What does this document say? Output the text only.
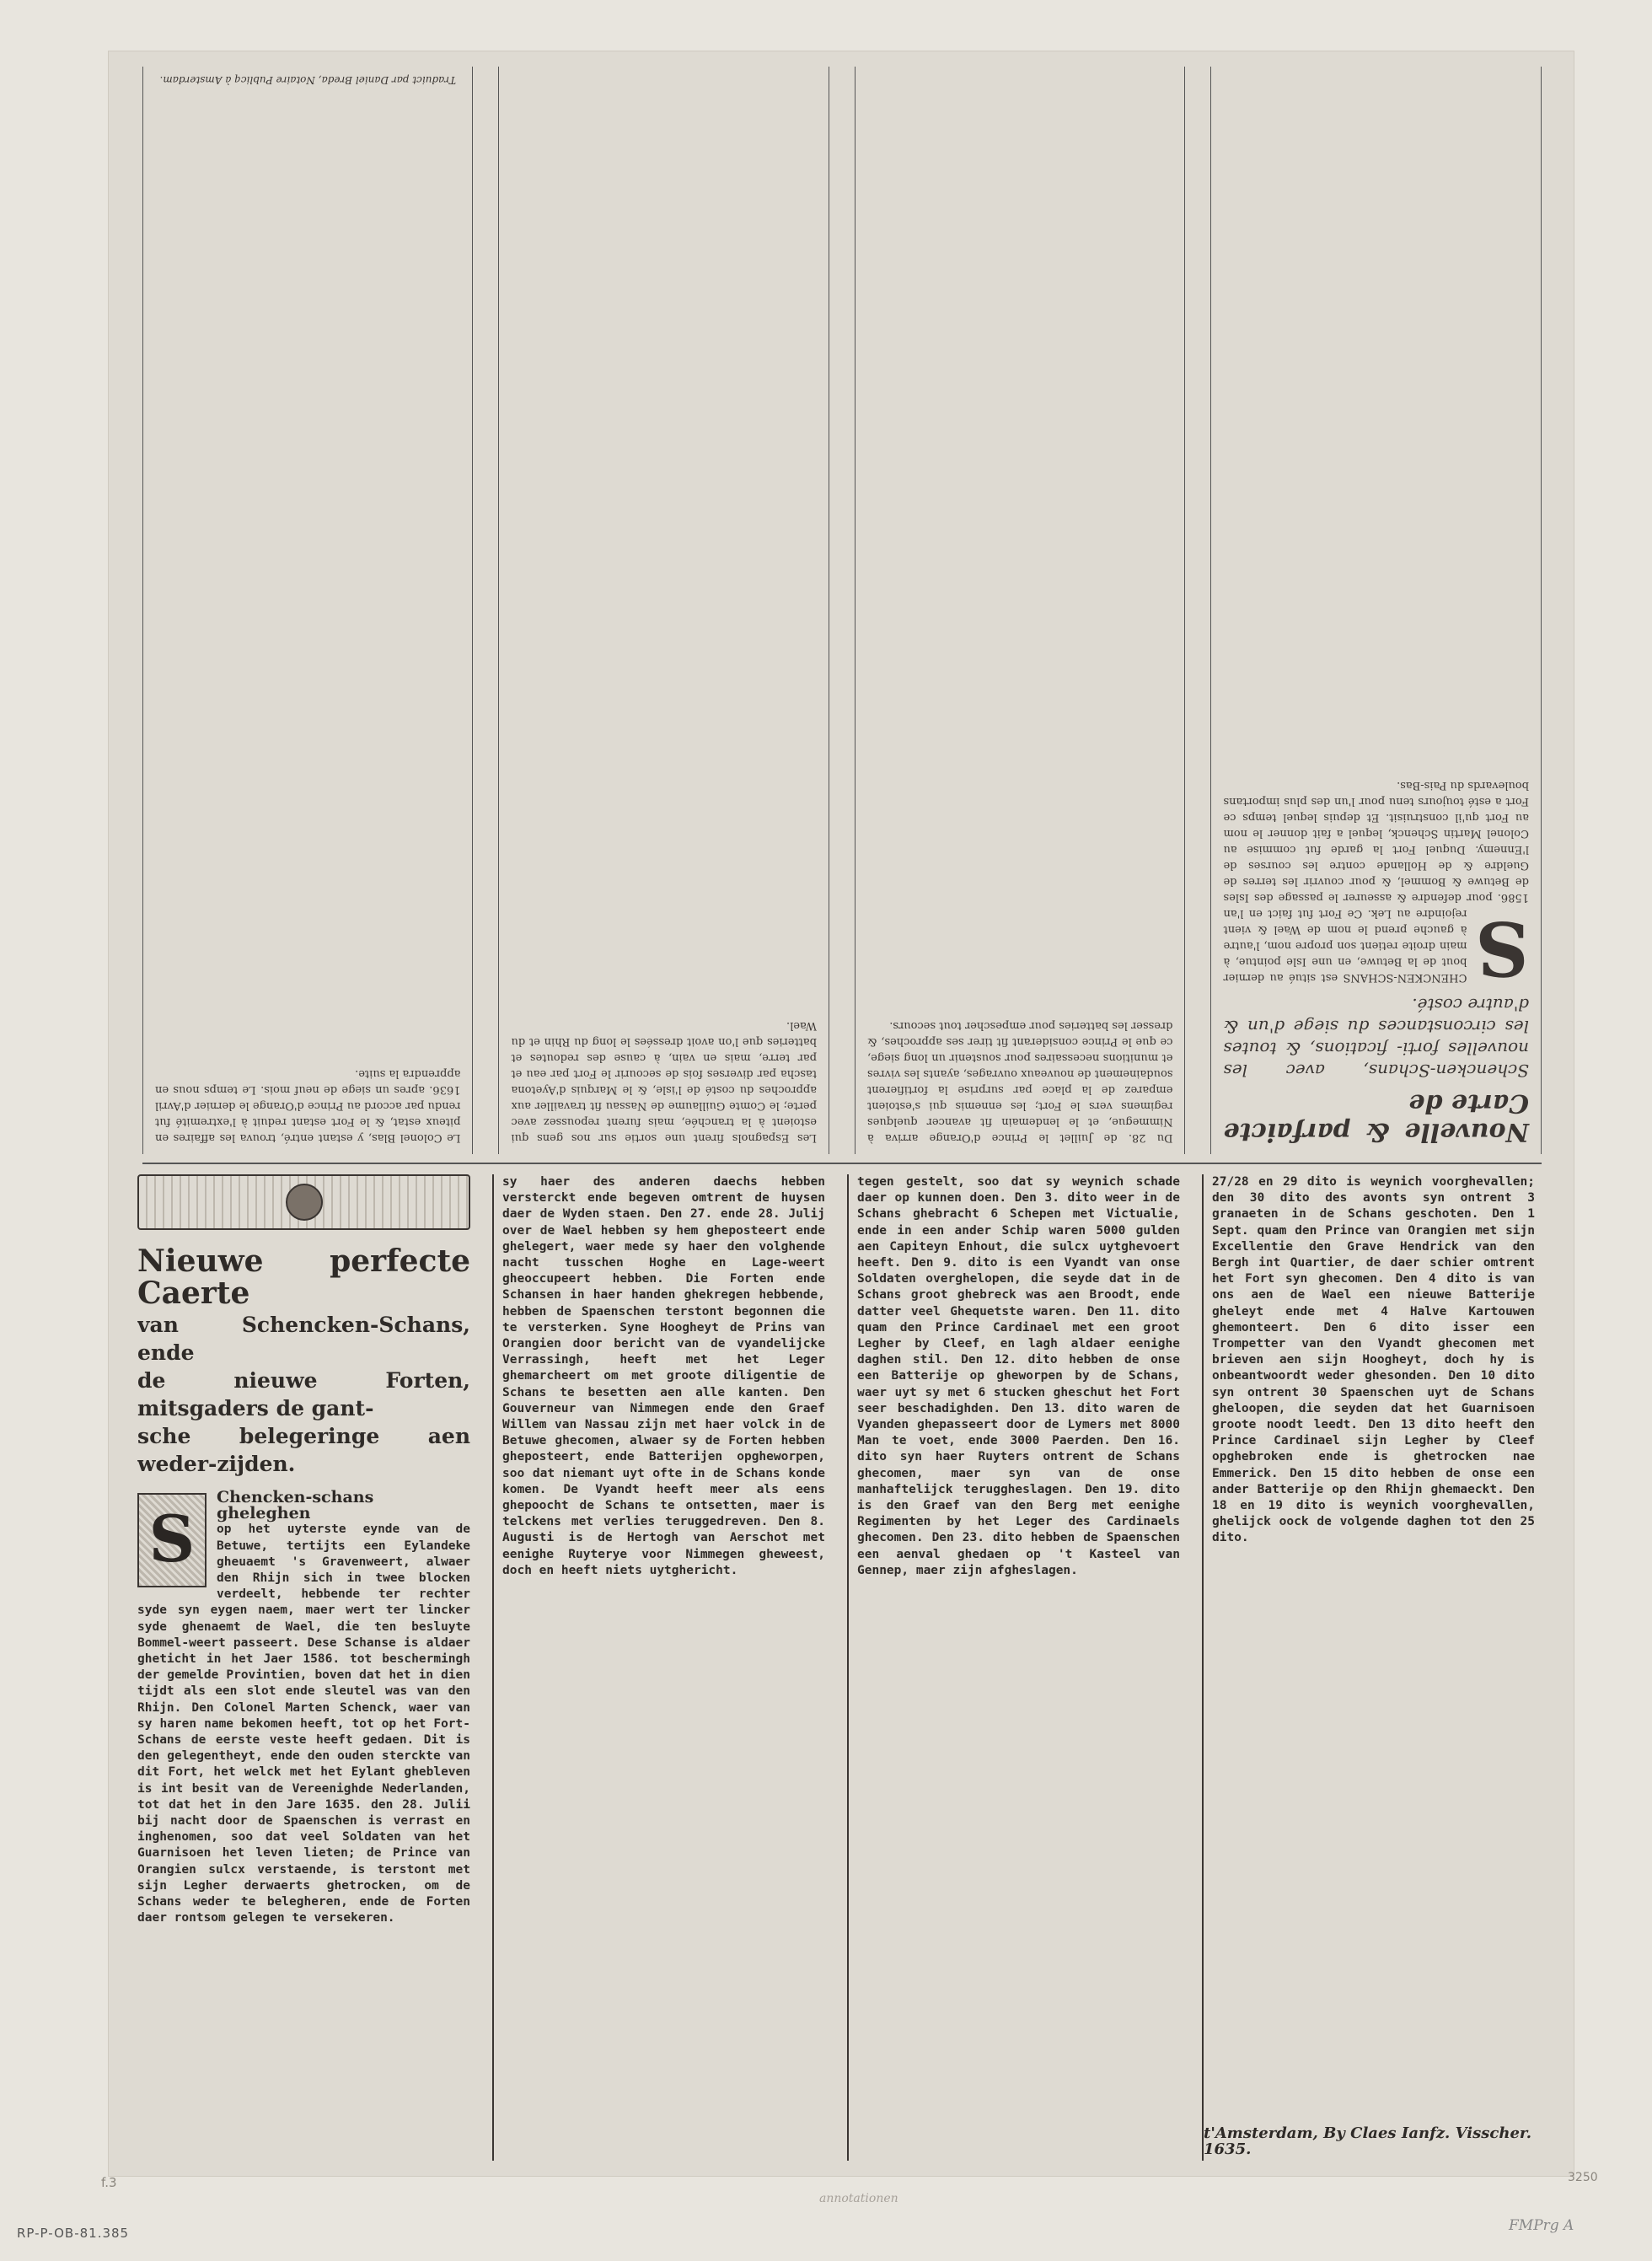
Nouvelle & parfaicte Carte de
Schencken-Schans, avec les nouvelles forti- fications, & toutes les circonstances du siege d'un & d'autre costé.
S
CHENCKEN-SCHANS est situé au dernier bout de la Betuwe, en une Isle pointue, à main droite retient son propre nom, l'autre à gauche prend le nom de Wael & vient rejoindre au Lek. Ce Fort fut faict en l'an 1586. pour defendre & asseurer le passage des Isles de Betuwe & Bommel, & pour couvrir les terres de Gueldre & de Hollande contre les courses de l'Ennemy. Duquel Fort la garde fut commise au Colonel Martin Schenck, lequel a fait donner le nom au Fort qu'il construisit. Et depuis lequel temps ce Fort a esté toujours tenu pour l'un des plus importans boulevards du Pais-Bas.
Du 28. de Juillet le Prince d'Orange arriva à Nimmegue, et le lendemain fit avancer quelques regimens vers le Fort; les ennemis qui s'estoient emparez de la place par surprise la fortifierent soudainement de nouveaux ouvrages, ayants les vivres et munitions necessaires pour soustenir un long siege, ce que le Prince considerant fit tirer ses approches, & dresser les batteries pour empescher tout secours.
Les Espagnols firent une sortie sur nos gens qui estoient à la tranchée, mais furent repoussez avec perte; le Comte Guillaume de Nassau fit travailler aux approches du costé de l'isle, & le Marquis d'Ayetona tascha par diverses fois de secourir le Fort par eau et par terre, mais en vain, à cause des redoutes et batteries que l'on avoit dressées le long du Rhin et du Wael.
Le Colonel Blas, y estant entré, trouva les affaires en piteux estat, & le Fort estant reduit à l'extremité fut rendu par accord au Prince d'Orange le dernier d'Avril 1636. apres un siege de neuf mois. Le temps nous en apprendra la suite.
Traduict par Daniel Breda, Notaire Publicq à Amsterdam.
Nieuwe perfecte Caerte
van Schencken-Schans, ende
de nieuwe Forten, mitsgaders de gant-
sche belegeringe aen weder-zijden.
S
Chencken-schans gheleghen
op het uyterste eynde van de Betuwe, tertijts een Eylandeke gheuaemt 's Gravenweert, alwaer den Rhijn sich in twee blocken verdeelt, hebbende ter rechter syde syn eygen naem, maer wert ter lincker syde ghenaemt de Wael, die ten besluyte Bommel-weert passeert. Dese Schanse is aldaer gheticht in het Jaer 1586. tot beschermingh der gemelde Provintien, boven dat het in dien tijdt als een slot ende sleutel was van den Rhijn. Den Colonel Marten Schenck, waer van sy haren name bekomen heeft, tot op het Fort-Schans de eerste veste heeft gedaen. Dit is den gelegentheyt, ende den ouden sterckte van dit Fort, het welck met het Eylant ghebleven is int besit van de Vereenighde Nederlanden, tot dat het in den Jare 1635. den 28. Julii bij nacht door de Spaenschen is verrast en inghenomen, soo dat veel Soldaten van het Guarnisoen het leven lieten; de Prince van Orangien sulcx verstaende, is terstont met sijn Legher derwaerts ghetrocken, om de Schans weder te belegheren, ende de Forten daer rontsom gelegen te versekeren.
sy haer des anderen daechs hebben versterckt ende begeven omtrent de huysen daer de Wyden staen. Den 27. ende 28. Julij over de Wael hebben sy hem gheposteert ende ghelegert, waer mede sy haer den volghende nacht tusschen Hoghe en Lage-weert gheoccupeert hebben. Die Forten ende Schansen in haer handen ghekregen hebbende, hebben de Spaenschen terstont begonnen die te versterken. Syne Hoogheyt de Prins van Orangien door bericht van de vyandelijcke Verrassingh, heeft met het Leger ghemarcheert om met groote diligentie de Schans te besetten aen alle kanten. Den Gouverneur van Nimmegen ende den Graef Willem van Nassau zijn met haer volck in de Betuwe ghecomen, alwaer sy de Forten hebben gheposteert, ende Batterijen opgheworpen, soo dat niemant uyt ofte in de Schans konde komen. De Vyandt heeft meer als eens ghepoocht de Schans te ontsetten, maer is telckens met verlies teruggedreven. Den 8. Augusti is de Hertogh van Aerschot met eenighe Ruyterye voor Nimmegen gheweest, doch en heeft niets uytghericht.
tegen gestelt, soo dat sy weynich schade daer op kunnen doen. Den 3. dito weer in de Schans ghebracht 6 Schepen met Victualie, ende in een ander Schip waren 5000 gulden aen Capiteyn Enhout, die sulcx uytghevoert heeft. Den 9. dito is een Vyandt van onse Soldaten overghelopen, die seyde dat in de Schans groot ghebreck was aen Broodt, ende datter veel Ghequetste waren. Den 11. dito quam den Prince Cardinael met een groot Legher by Cleef, en lagh aldaer eenighe daghen stil. Den 12. dito hebben de onse een Batterije op gheworpen by de Schans, waer uyt sy met 6 stucken gheschut het Fort seer beschadighden. Den 13. dito waren de Vyanden ghepasseert door de Lymers met 8000 Man te voet, ende 3000 Paerden. Den 16. dito syn haer Ruyters ontrent de Schans ghecomen, maer syn van de onse manhaftelijck teruggheslagen. Den 19. dito is den Graef van den Berg met eenighe Regimenten by het Leger des Cardinaels ghecomen. Den 23. dito hebben de Spaenschen een aenval ghedaen op 't Kasteel van Gennep, maer zijn afgheslagen.
27/28 en 29 dito is weynich voorghevallen; den 30 dito des avonts syn ontrent 3 granaeten in de Schans geschoten. Den 1 Sept. quam den Prince van Orangien met sijn Excellentie den Grave Hendrick van den Bergh int Quartier, de daer schier omtrent het Fort syn ghecomen. Den 4 dito is van ons aen de Wael een nieuwe Batterije gheleyt ende met 4 Halve Kartouwen ghemonteert. Den 6 dito isser een Trompetter van den Vyandt ghecomen met brieven aen sijn Hoogheyt, doch hy is onbeantwoordt weder ghesonden. Den 10 dito syn ontrent 30 Spaenschen uyt de Schans gheloopen, die seyden dat het Guarnisoen groote noodt leedt. Den 13 dito heeft den Prince Cardinael sijn Legher by Cleef opghebroken ende is ghetrocken nae Emmerick. Den 15 dito hebben de onse een ander Batterije op den Rhijn ghemaeckt. Den 18 en 19 dito is weynich voorghevallen, ghelijck oock de volgende daghen tot den 25 dito.
t'Amsterdam, By Claes Ianfz. Visscher. 1635.
f.3
annotationen
3250
FMPrg A
RP-P-OB-81.385
